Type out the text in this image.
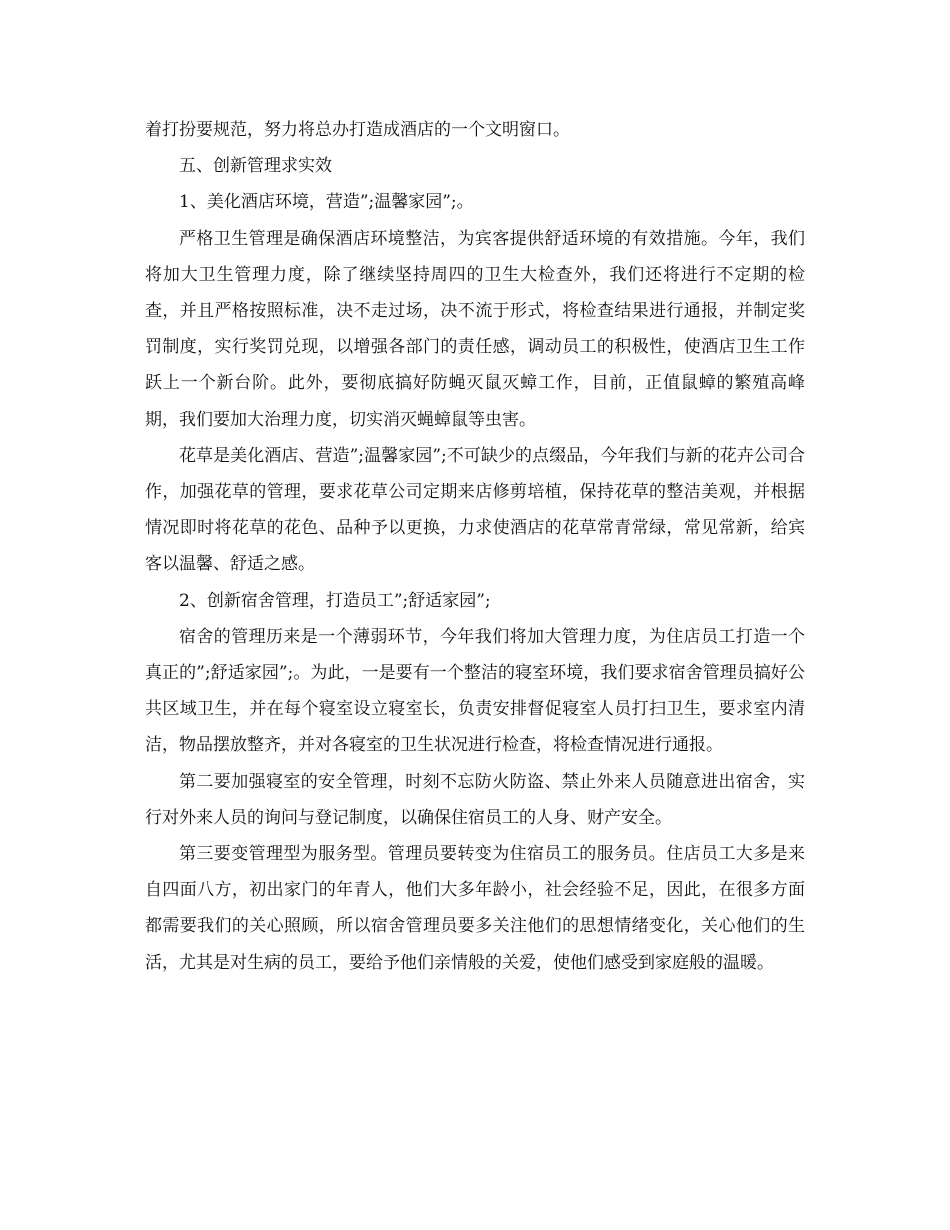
着打扮要规范，努力将总办打造成酒店的一个文明窗口。

五、创新管理求实效

1、美化酒店环境，营造”;温馨家园”;。

严格卫生管理是确保酒店环境整洁，为宾客提供舒适环境的有效措施。今年，我们将加大卫生管理力度，除了继续坚持周四的卫生大检查外，我们还将进行不定期的检查，并且严格按照标准，决不走过场，决不流于形式，将检查结果进行通报，并制定奖罚制度，实行奖罚兑现，以增强各部门的责任感，调动员工的积极性，使酒店卫生工作跃上一个新台阶。此外，要彻底搞好防蝇灭鼠灭蟑工作，目前，正值鼠蟑的繁殖高峰期，我们要加大治理力度，切实消灭蝇蟑鼠等虫害。

花草是美化酒店、营造”;温馨家园”;不可缺少的点缀品，今年我们与新的花卉公司合作，加强花草的管理，要求花草公司定期来店修剪培植，保持花草的整洁美观，并根据情况即时将花草的花色、品种予以更换，力求使酒店的花草常青常绿，常见常新，给宾客以温馨、舒适之感。

2、创新宿舍管理，打造员工”;舒适家园”;

宿舍的管理历来是一个薄弱环节，今年我们将加大管理力度，为住店员工打造一个真正的”;舒适家园”;。为此，一是要有一个整洁的寝室环境，我们要求宿舍管理员搞好公共区域卫生，并在每个寝室设立寝室长，负责安排督促寝室人员打扫卫生，要求室内清洁，物品摆放整齐，并对各寝室的卫生状况进行检查，将检查情况进行通报。

第二要加强寝室的安全管理，时刻不忘防火防盗、禁止外来人员随意进出宿舍，实行对外来人员的询问与登记制度，以确保住宿员工的人身、财产安全。

第三要变管理型为服务型。管理员要转变为住宿员工的服务员。住店员工大多是来自四面八方，初出家门的年青人，他们大多年龄小，社会经验不足，因此，在很多方面都需要我们的关心照顾，所以宿舍管理员要多关注他们的思想情绪变化，关心他们的生活，尤其是对生病的员工，要给予他们亲情般的关爱，使他们感受到家庭般的温暖。
